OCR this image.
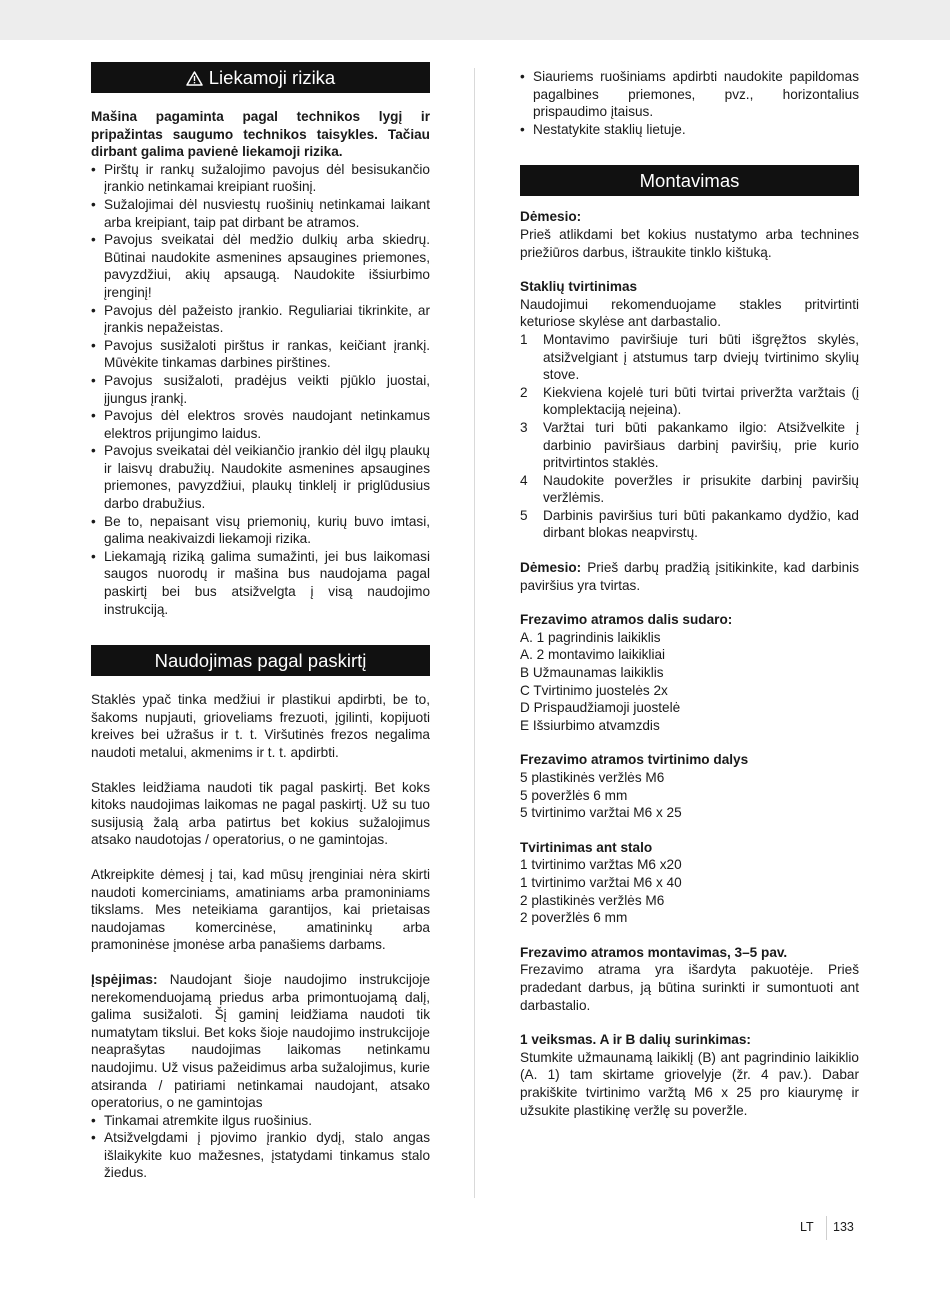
Liekamoji rizika

Mašina pagaminta pagal technikos lygį ir pripažintas saugumo technikos taisykles. Tačiau dirbant galima pavienė liekamoji rizika.

• Pirštų ir rankų sužalojimo pavojus dėl besisukančio įrankio netinkamai kreipiant ruošinį.
• Sužalojimai dėl nusviestų ruošinių netinkamai laikant arba kreipiant, taip pat dirbant be atramos.
• Pavojus sveikatai dėl medžio dulkių arba skiedrų. Būtinai naudokite asmenines apsaugines priemones, pavyzdžiui, akių apsaugą. Naudokite išsiurbimo įrenginį!
• Pavojus dėl pažeisto įrankio. Reguliariai tikrinkite, ar įrankis nepažeistas.
• Pavojus susižaloti pirštus ir rankas, keičiant įrankį. Mūvėkite tinkamas darbines pirštines.
• Pavojus susižaloti, pradėjus veikti pjūklo juostai, įjungus įrankį.
• Pavojus dėl elektros srovės naudojant netinkamus elektros prijungimo laidus.
• Pavojus sveikatai dėl veikiančio įrankio dėl ilgų plaukų ir laisvų drabužių. Naudokite asmenines apsaugines priemones, pavyzdžiui, plaukų tinklelį ir priglūdusius darbo drabužius.
• Be to, nepaisant visų priemonių, kurių buvo imtasi, galima neakivaizdi liekamoji rizika.
• Liekamąją riziką galima sumažinti, jei bus laikomasi saugos nuorodų ir mašina bus naudojama pagal paskirtį bei bus atsižvelgta į visą naudojimo instrukciją.
Naudojimas pagal paskirtį

Staklės ypač tinka medžiui ir plastikui apdirbti, be to, šakoms nupjauti, grioveliams frezuoti, įgilinti, kopijuoti kreives bei užrašus ir t. t. Viršutinės frezos negalima naudoti metalui, akmenims ir t. t. apdirbti.

Stakles leidžiama naudoti tik pagal paskirtį. Bet koks kitoks naudojimas laikomas ne pagal paskirtį. Už su tuo susijusią žalą arba patirtus bet kokius sužalojimus atsako naudotojas / operatorius, o ne gamintojas.

Atkreipkite dėmesį į tai, kad mūsų įrenginiai nėra skirti naudoti komerciniams, amatiniams arba pramoniniams tikslams. Mes neteikiama garantijos, kai prietaisas naudojamas komercinėse, amatininkų arba pramoninėse įmonėse arba panašiems darbams.

Įspėjimas: Naudojant šioje naudojimo instrukcijoje nerekomenduojamą priedus arba primontuojamą dalį, galima susižaloti. Šį gaminį leidžiama naudoti tik numatytam tikslui. Bet koks šioje naudojimo instrukcijoje neaprašytas naudojimas laikomas netinkamu naudojimu. Už visus pažeidimus arba sužalojimus, kurie atsiranda / patiriami netinkamai naudojant, atsako operatorius, o ne gamintojas

• Tinkamai atremkite ilgus ruošinius.
• Atsižvelgdami į pjovimo įrankio dydį, stalo angas išlaikykite kuo mažesnes, įstatydami tinkamus stalo žiedus.
• Siauriems ruošiniams apdirbti naudokite papildomas pagalbines priemones, pvz., horizontalius prispaudimo įtaisus.
• Nestatykite staklių lietuje.
Montavimas

Dėmesio:

Prieš atlikdami bet kokius nustatymo arba technines priežiūros darbus, ištraukite tinklo kištuką.

Staklių tvirtinimas

Naudojimui rekomenduojame stakles pritvirtinti keturiose skylėse ant darbastalio.

1 Montavimo paviršiuje turi būti išgręžtos skylės, atsižvelgiant į atstumus tarp dviejų tvirtinimo skylių stove.
2 Kiekviena kojelė turi būti tvirtai priveržta varžtais (į komplektaciją neįeina).
3 Varžtai turi būti pakankamo ilgio: Atsižvelkite į darbinio paviršiaus darbinį paviršių, prie kurio pritvirtintos staklės.
4 Naudokite poveržles ir prisukite darbinį paviršių veržlėmis.
5 Darbinis paviršius turi būti pakankamo dydžio, kad dirbant blokas neapvirstų.

Dėmesio: Prieš darbų pradžią įsitikinkite, kad darbinis paviršius yra tvirtas.

Frezavimo atramos dalis sudaro:

A. 1 pagrindinis laikiklis
A. 2 montavimo laikikliai
B Užmaunamas laikiklis
C Tvirtinimo juostelės 2x
D Prispaudžiamoji juostelė
E Išsiurbimo atvamzdis

Frezavimo atramos tvirtinimo dalys

5 plastikinės veržlės M6
5 poveržlės 6 mm
5 tvirtinimo varžtai M6 x 25

Tvirtinimas ant stalo

1 tvirtinimo varžtas M6 x20
1 tvirtinimo varžtai M6 x 40
2 plastikinės veržlės M6
2 poveržlės 6 mm

Frezavimo atramos montavimas, 3–5 pav.

Frezavimo atrama yra išardyta pakuotėje. Prieš pradedant darbus, ją būtina surinkti ir sumontuoti ant darbastalio.

1 veiksmas. A ir B dalių surinkimas:

Stumkite užmaunamą laikiklį (B) ant pagrindinio laikiklio (A. 1) tam skirtame griovelyje (žr. 4 pav.). Dabar prakiškite tvirtinimo varžtą M6 x 25 pro kiaurymę ir užsukite plastikinę veržlę su poveržle.

LT 133
